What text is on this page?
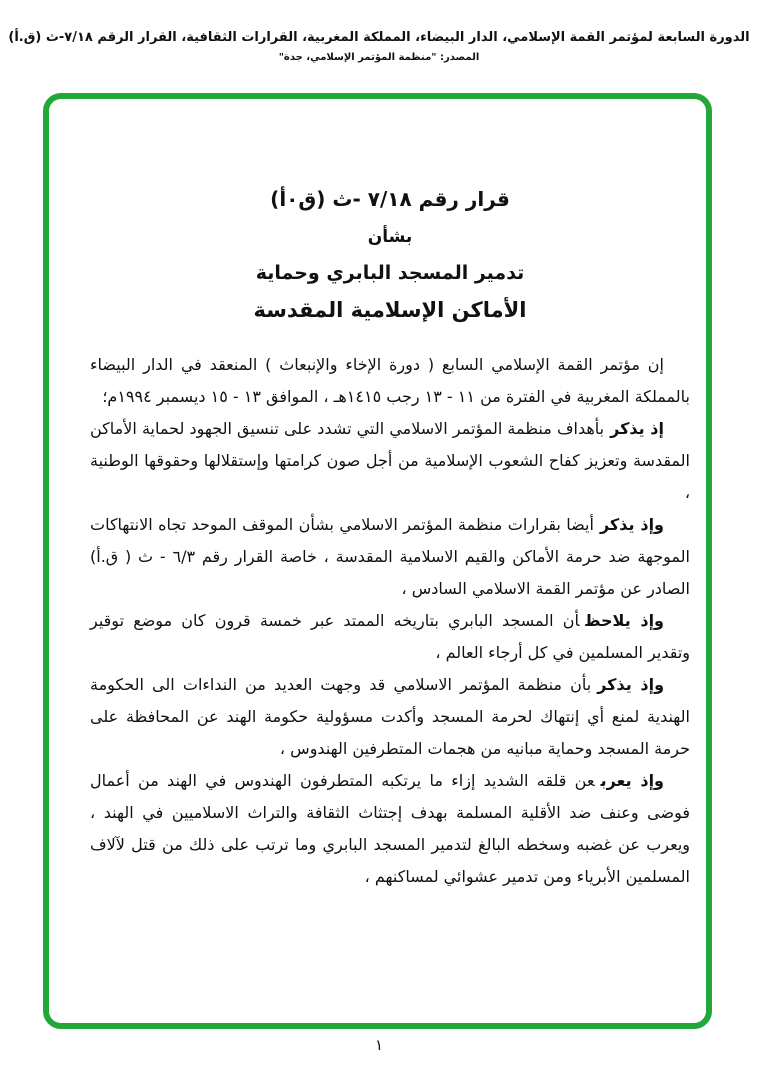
الدورة السابعة لمؤتمر القمة الإسلامي، الدار البيضاء، المملكة المغربية، القرارات الثقافية، القرار الرقم ٧/١٨-ث (ق.أ)
المصدر: "منظمة المؤتمر الإسلامي، جدة"
قرار رقم ٧/١٨ -ث (ق٠أ)
بشأن
تدمير المسجد البابري وحماية
الأماكن الإسلامية المقدسة

إن مؤتمر القمة الإسلامي السابع ( دورة الإخاء والإنبعاث ) المنعقد في الدار البيضاء بالمملكة المغربية في الفترة من ١١ - ١٣ رجب ١٤١٥هـ ، الموافق ١٣ - ١٥ ديسمبر ١٩٩٤م؛

إذ يذكربأهداف منظمة المؤتمر الاسلامي التي تشدد على تنسيق الجهود لحماية الأماكن المقدسة وتعزيز كفاح الشعوب الإسلامية من أجل صون كرامتها وإستقلالها وحقوقها الوطنية ،

وإذ يذكرأيضا بقرارات منظمة المؤتمر الاسلامي بشأن الموقف الموحد تجاه الانتهاكات الموجهة ضد حرمة الأماكن والقيم الاسلامية المقدسة ، خاصة القرار رقم ٦/٣ - ث ( ق.أ) الصادر عن مؤتمر القمة الاسلامي السادس ،

وإذ يلاحظأن المسجد البابري بتاريخه الممتد عبر خمسة قرون كان موضع توقير وتقدير المسلمين في كل أرجاء العالم ،

وإذ يذكربأن منظمة المؤتمر الاسلامي قد وجهت العديد من النداءات الى الحكومة الهندية لمنع أي إنتهاك لحرمة المسجد وأكدت مسؤولية حكومة الهند عن المحافظة على حرمة المسجد وحماية مبانيه من هجمات المتطرفين الهندوس ،

وإذ يعربعن قلقه الشديد إزاء ما يرتكبه المتطرفون الهندوس في الهند من أعمال فوضى وعنف ضد الأقلية المسلمة بهدف إجتثاث الثقافة والتراث الاسلاميين في الهند ، ويعرب عن غضبه وسخطه البالغ لتدمير المسجد البابري وما ترتب على ذلك من قتل لآلاف المسلمين الأبرياء ومن تدمير عشوائي لمساكنهم ،

١
